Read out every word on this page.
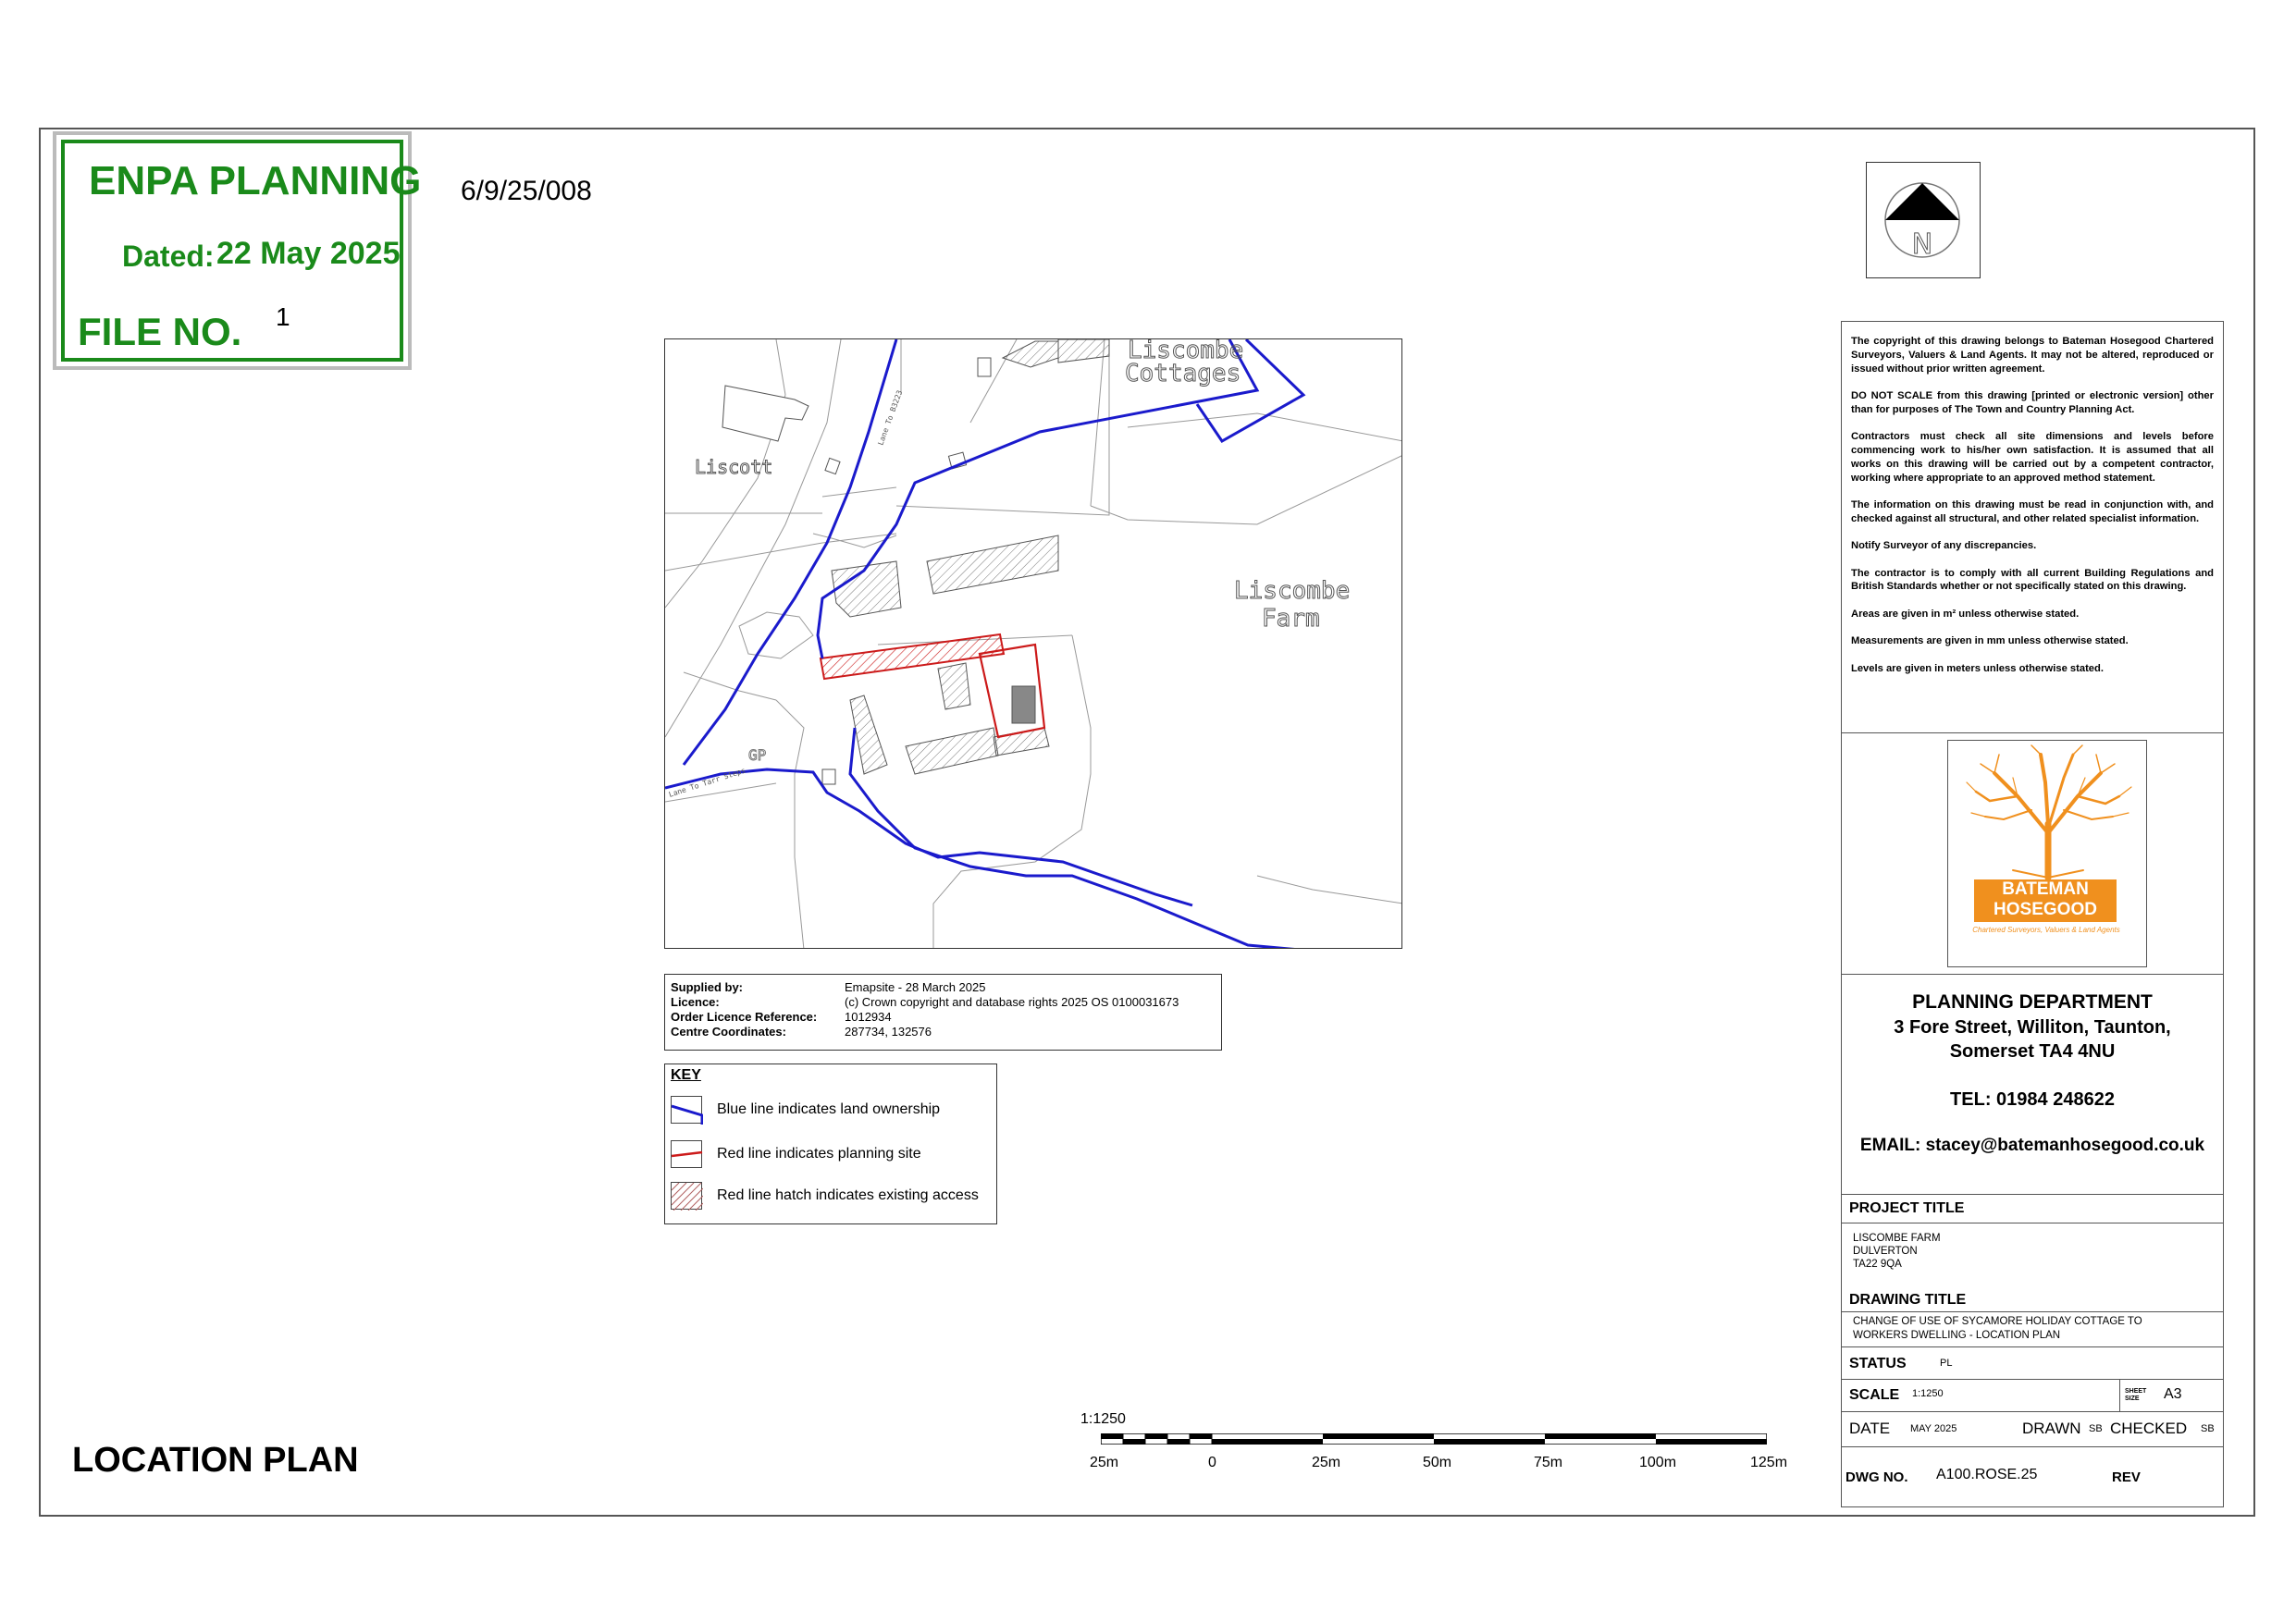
ENPA PLANNING
Dated: 22 May 2025
FILE NO. 1
6/9/25/008
N
Liscombe
Cottages
Liscott
Liscombe
Farm
Lane To B3223
Lane To Tarr Steps
GP
Supplied by:	Emapsite - 28 March 2025
Licence:	(c) Crown copyright and database rights 2025 OS 0100031673
Order Licence Reference: 1012934
Centre Coordinates:	287734, 132576
KEY
Blue line indicates land ownership
Red line indicates planning site
Red line hatch indicates existing access

The copyright of this drawing belongs to Bateman Hosegood Chartered Surveyors, Valuers & Land Agents. It may not be altered, reproduced or issued without prior written agreement.

DO NOT SCALE from this drawing [printed or electronic version] other than for purposes of The Town and Country Planning Act.

Contractors must check all site dimensions and levels before commencing work to his/her own satisfaction. It is assumed that all works on this drawing will be carried out by a competent contractor, working where appropriate to an approved method statement.

The information on this drawing must be read in conjunction with, and checked against all structural, and other related specialist information.

Notify Surveyor of any discrepancies.

The contractor is to comply with all current Building Regulations and British Standards whether or not specifically stated on this drawing.

Areas are given in m² unless otherwise stated.

Measurements are given in mm unless otherwise stated.

Levels are given in meters unless otherwise stated.

BATEMAN
HOSEGOOD
Chartered Surveyors, Valuers & Land Agents
PLANNING DEPARTMENT
3 Fore Street, Williton, Taunton,
Somerset TA4 4NU
TEL: 01984 248622
EMAIL: stacey@batemanhosegood.co.uk
PROJECT TITLE
LISCOMBE FARM
DULVERTON
TA22 9QA
DRAWING TITLE
CHANGE OF USE OF SYCAMORE HOLIDAY COTTAGE TO
WORKERS DWELLING - LOCATION PLAN
STATUS	PL
SCALE 1:1250	SHEET
SIZE	A3
DATE MAY 2025	DRAWN SB CHECKED SB
DWG NO. A100.ROSE.25	REV
LOCATION PLAN
1:1250
25m	0	25m	50m	75m	100m	125m
